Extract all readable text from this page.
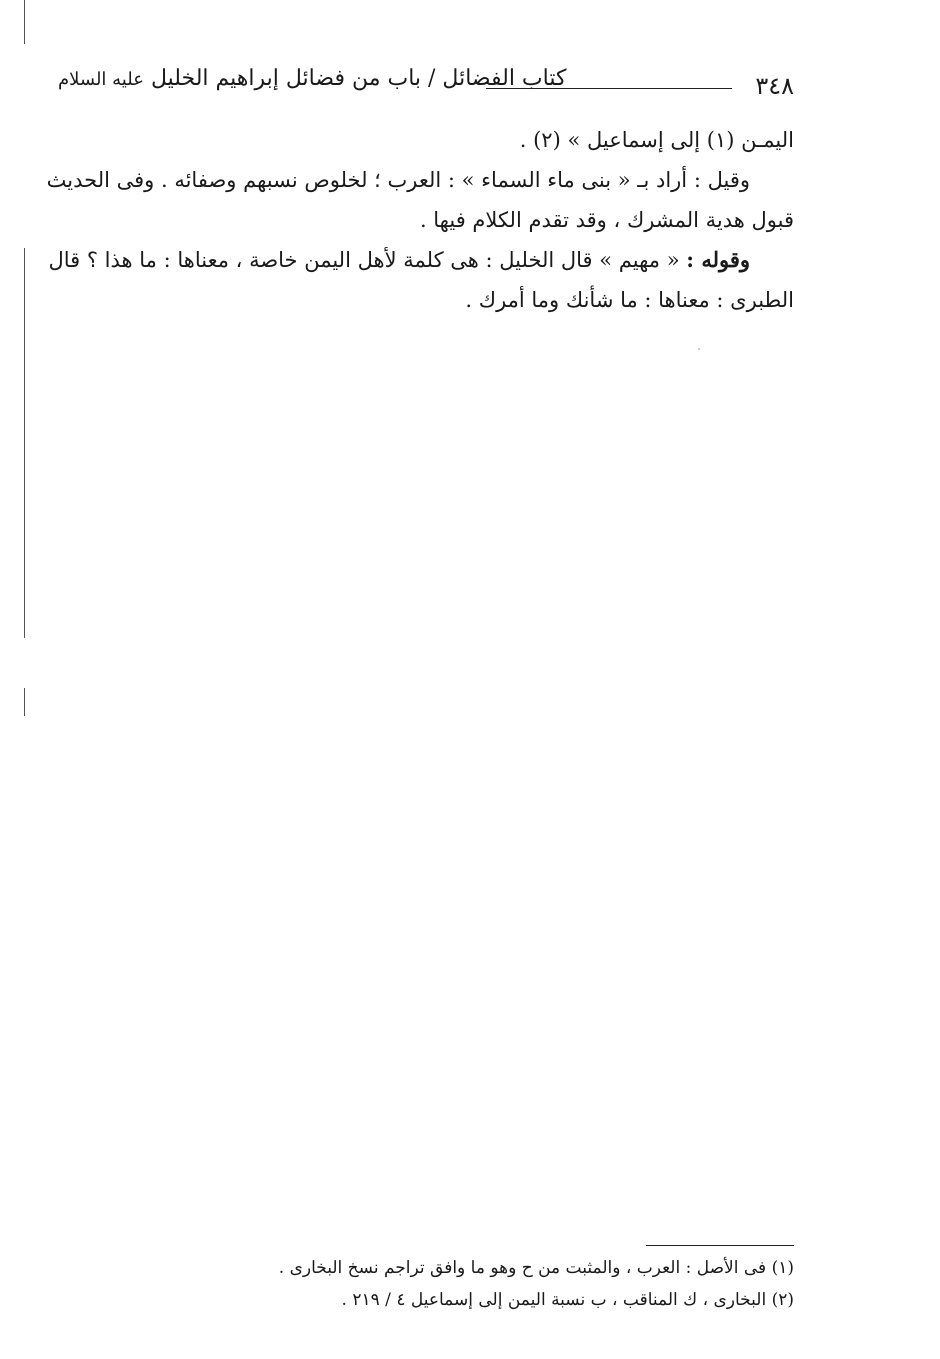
٣٤٨
كتاب الفضائل / باب من فضائل إبراهيم الخليل عليه السلام
اليمـن (١) إلى إسماعيل » (٢) .
وقيل : أراد بـ « بنى ماء السماء » : العرب ؛ لخلوص نسبهم وصفائه . وفى الحديث
قبول هدية المشرك ، وقد تقدم الكلام فيها .
وقوله : « مهيم » قال الخليل : هى كلمة لأهل اليمن خاصة ، معناها : ما هذا ؟ قال
الطبرى : معناها : ما شأنك وما أمرك .
(١) فى الأصل : العرب ، والمثبت من ح وهو ما وافق تراجم نسخ البخارى .
(٢) البخارى ، ك المناقب ، ب نسبة اليمن إلى إسماعيل ٤ / ٢١٩ .
